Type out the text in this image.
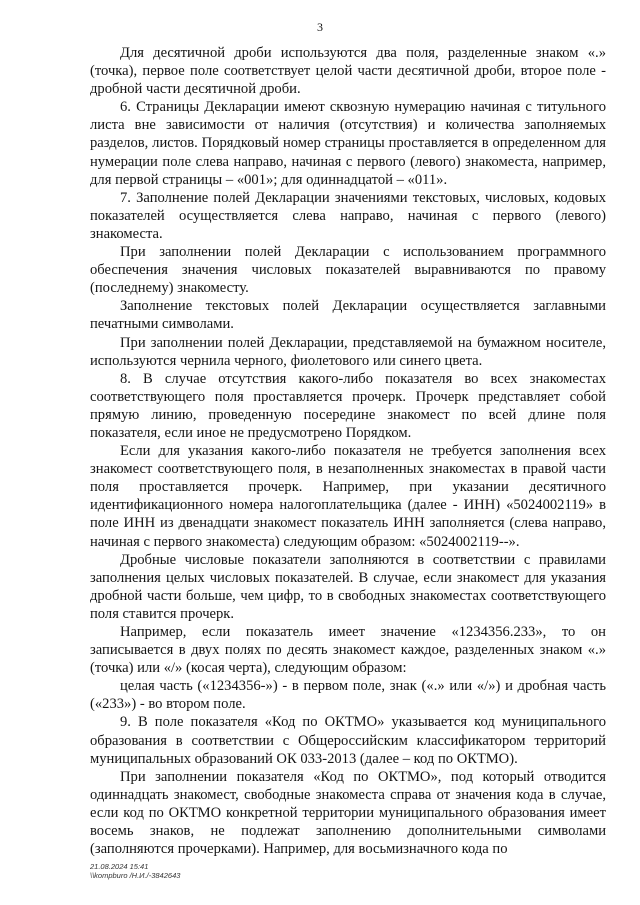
3

Для десятичной дроби используются два поля, разделенные знаком «.» (точка), первое поле соответствует целой части десятичной дроби, второе поле - дробной части десятичной дроби.

6. Страницы Декларации имеют сквозную нумерацию начиная с титульного листа вне зависимости от наличия (отсутствия) и количества заполняемых разделов, листов. Порядковый номер страницы проставляется в определенном для нумерации поле слева направо, начиная с первого (левого) знакоместа, например, для первой страницы – «001»; для одиннадцатой – «011».

7. Заполнение полей Декларации значениями текстовых, числовых, кодовых показателей осуществляется слева направо, начиная с первого (левого) знакоместа.

При заполнении полей Декларации с использованием программного обеспечения значения числовых показателей выравниваются по правому (последнему) знакоместу.

Заполнение текстовых полей Декларации осуществляется заглавными печатными символами.

При заполнении полей Декларации, представляемой на бумажном носителе, используются чернила черного, фиолетового или синего цвета.

8. В случае отсутствия какого-либо показателя во всех знакоместах соответствующего поля проставляется прочерк. Прочерк представляет собой прямую линию, проведенную посередине знакомест по всей длине поля показателя, если иное не предусмотрено Порядком.

Если для указания какого-либо показателя не требуется заполнения всех знакомест соответствующего поля, в незаполненных знакоместах в правой части поля проставляется прочерк. Например, при указании десятичного идентификационного номера налогоплательщика (далее - ИНН) «5024002119» в поле ИНН из двенадцати знакомест показатель ИНН заполняется (слева направо, начиная с первого знакоместа) следующим образом: «5024002119--».

Дробные числовые показатели заполняются в соответствии с правилами заполнения целых числовых показателей. В случае, если знакомест для указания дробной части больше, чем цифр, то в свободных знакоместах соответствующего поля ставится прочерк.

Например, если показатель имеет значение «1234356.233», то он записывается в двух полях по десять знакомест каждое, разделенных знаком «.» (точка) или «/» (косая черта), следующим образом:

целая часть («1234356-») - в первом поле, знак («.» или «/») и дробная часть («233») - во втором поле.

9. В поле показателя «Код по ОКТМО» указывается код муниципального образования в соответствии с Общероссийским классификатором территорий муниципальных образований ОК 033-2013 (далее – код по ОКТМО).

При заполнении показателя «Код по ОКТМО», под который отводится одиннадцать знакомест, свободные знакоместа справа от значения кода в случае, если код по ОКТМО конкретной территории муниципального образования имеет восемь знаков, не подлежат заполнению дополнительными символами (заполняются прочерками). Например, для восьмизначного кода по

21.08.2024 15:41
\\kompburo /Н.И./-3842643
